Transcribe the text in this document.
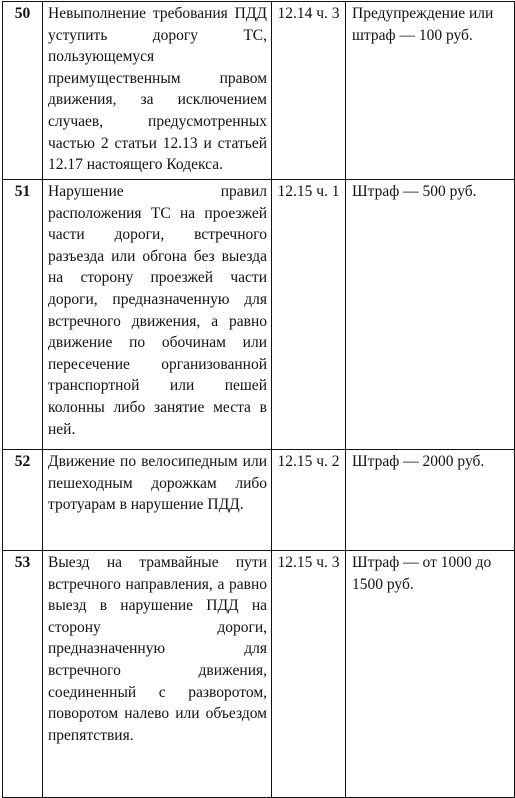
50	Невыполнение требования ПДД уступить дорогу ТС, пользующемуся преимущественным правом движения, за исключением случаев, предусмотренных частью 2 статьи 12.13 и статьей 12.17 настоящего Кодекса.	12.14 ч. 3	Предупреждение или штраф — 100 руб.
51	Нарушение правил расположения ТС на проезжей части дороги, встречного разъезда или обгона без выезда на сторону проезжей части дороги, предназначенную для встречного движения, а равно движение по обочинам или пересечение организованной транспортной или пешей колонны либо занятие места в ней.	12.15 ч. 1	Штраф — 500 руб.
52	Движение по велосипедным или пешеходным дорожкам либо тротуарам в нарушение ПДД.	12.15 ч. 2	Штраф — 2000 руб.
53	Выезд на трамвайные пути встречного направления, а равно выезд в нарушение ПДД на сторону дороги, предназначенную для встречного движения, соединенный с разворотом, поворотом налево или объездом препятствия.	12.15 ч. 3	Штраф — от 1000 до 1500 руб.
